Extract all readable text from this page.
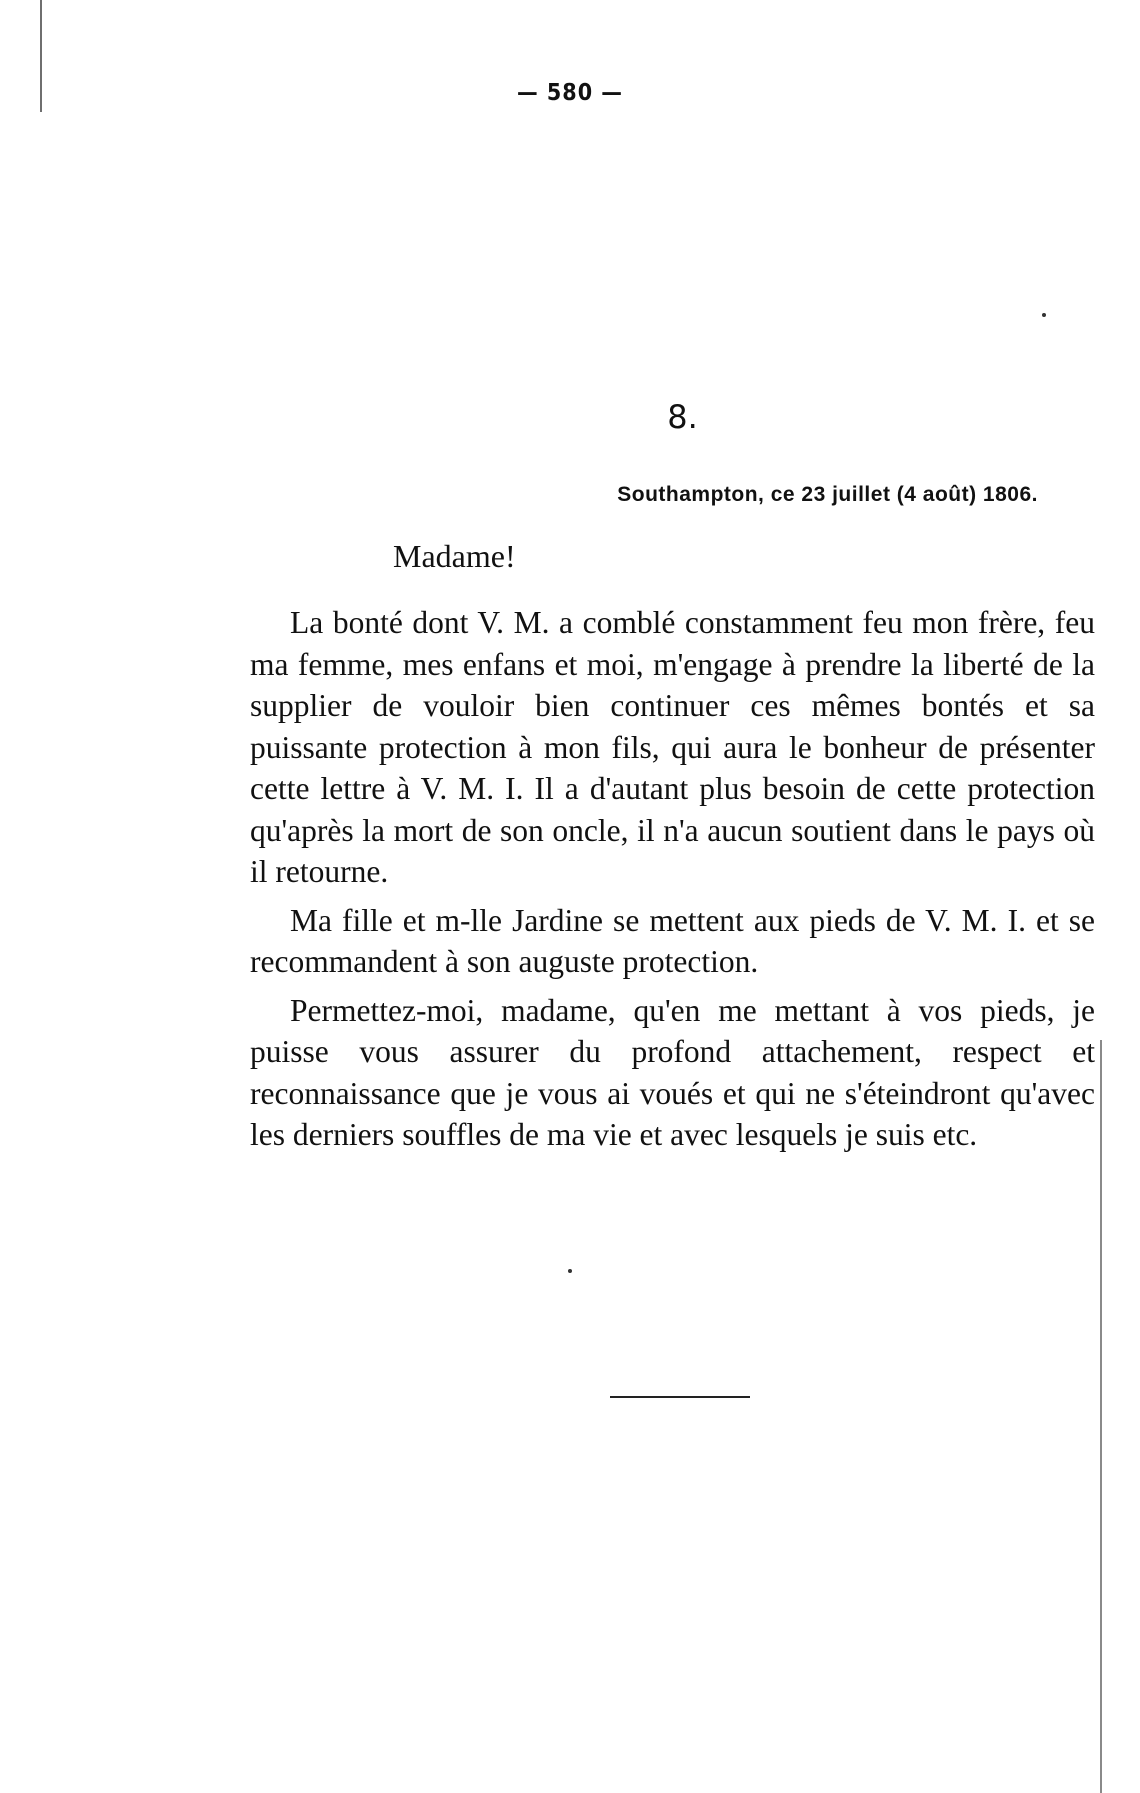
— 580 —
8.
Southampton, ce 23 juillet (4 août) 1806.
Madame!

La bonté dont V. M. a comblé constamment feu mon frère, feu ma femme, mes enfans et moi, m'engage à prendre la liberté de la supplier de vouloir bien continuer ces mêmes bontés et sa puissante protection à mon fils, qui aura le bonheur de présenter cette lettre à V. M. I. Il a d'autant plus besoin de cette protection qu'après la mort de son oncle, il n'a aucun soutient dans le pays où il retourne.

Ma fille et m-lle Jardine se mettent aux pieds de V. M. I. et se recommandent à son auguste protection.

Permettez-moi, madame, qu'en me mettant à vos pieds, je puisse vous assurer du profond attachement, respect et reconnaissance que je vous ai voués et qui ne s'éteindront qu'avec les derniers souffles de ma vie et avec lesquels je suis etc.
